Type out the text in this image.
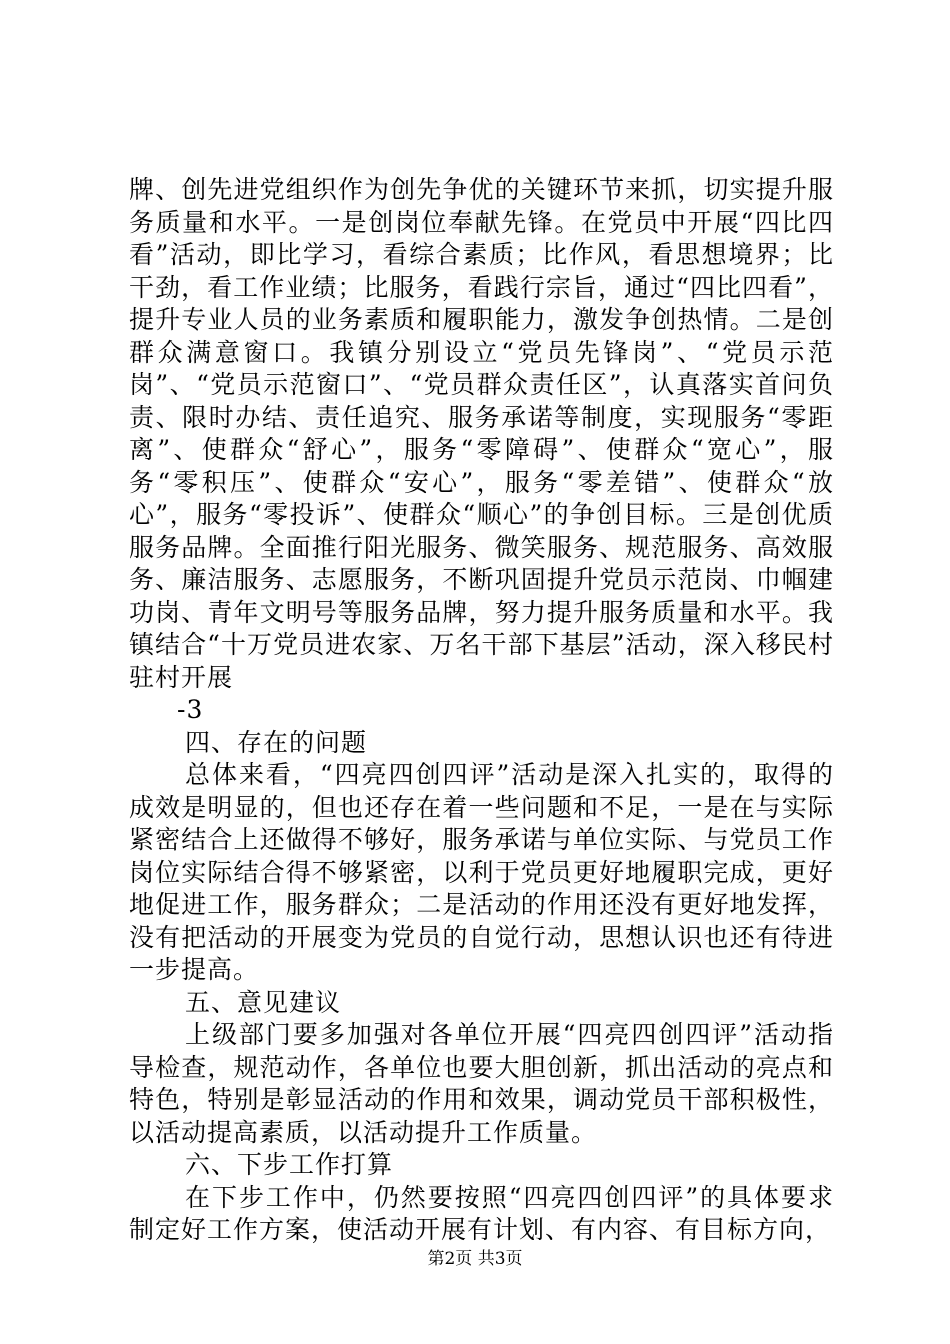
牌、创先进党组织作为创先争优的关键环节来抓，切实提升服务质量和水平。一是创岗位奉献先锋。在党员中开展“四比四看”活动，即比学习，看综合素质；比作风，看思想境界；比干劲，看工作业绩；比服务，看践行宗旨，通过“四比四看”，提升专业人员的业务素质和履职能力，激发争创热情。二是创群众满意窗口。我镇分别设立“党员先锋岗”、“党员示范岗”、“党员示范窗口”、“党员群众责任区”，认真落实首问负责、限时办结、责任追究、服务承诺等制度，实现服务“零距离”、使群众“舒心”，服务“零障碍”、使群众“宽心”，服务“零积压”、使群众“安心”，服务“零差错”、使群众“放心”，服务“零投诉”、使群众“顺心”的争创目标。三是创优质服务品牌。全面推行阳光服务、微笑服务、规范服务、高效服务、廉洁服务、志愿服务，不断巩固提升党员示范岗、巾帼建功岗、青年文明号等服务品牌，努力提升服务质量和水平。我镇结合“十万党员进农家、万名干部下基层”活动，深入移民村驻村开展

-3

四、存在的问题

总体来看，“四亮四创四评”活动是深入扎实的，取得的成效是明显的，但也还存在着一些问题和不足，一是在与实际紧密结合上还做得不够好，服务承诺与单位实际、与党员工作岗位实际结合得不够紧密，以利于党员更好地履职完成，更好地促进工作，服务群众；二是活动的作用还没有更好地发挥，没有把活动的开展变为党员的自觉行动，思想认识也还有待进一步提高。

五、意见建议

上级部门要多加强对各单位开展“四亮四创四评”活动指导检查，规范动作，各单位也要大胆创新，抓出活动的亮点和特色，特别是彰显活动的作用和效果，调动党员干部积极性，以活动提高素质，以活动提升工作质量。

六、下步工作打算

在下步工作中，仍然要按照“四亮四创四评”的具体要求制定好工作方案，使活动开展有计划、有内容、有目标方向，

第2页 共3页
